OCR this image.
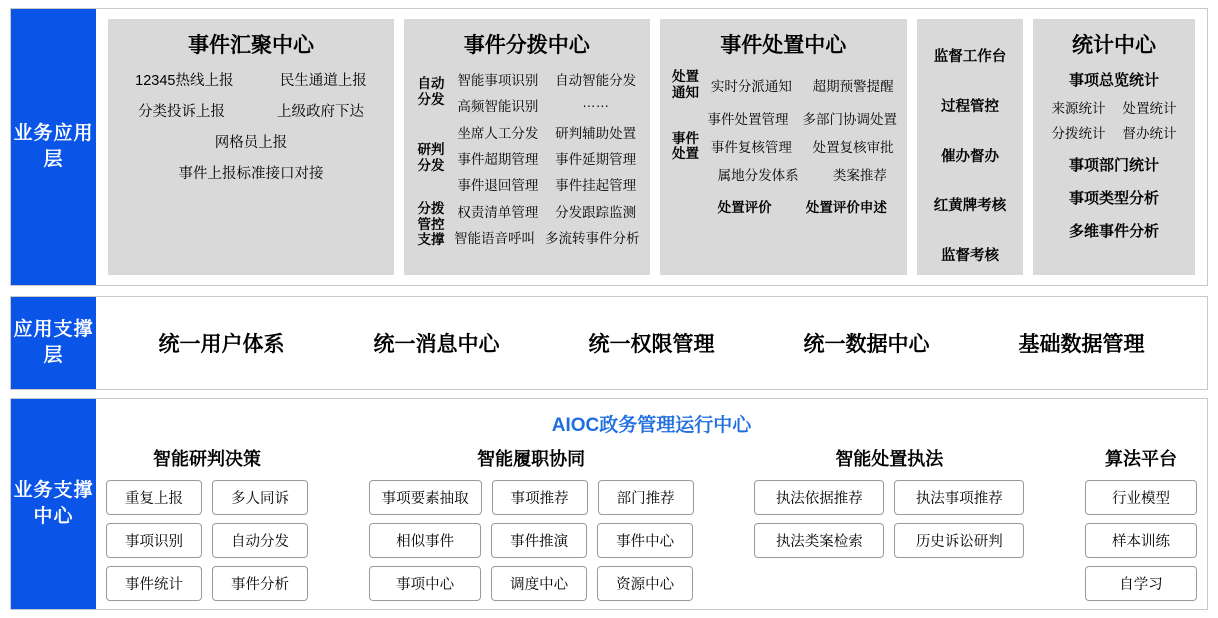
业务应用层
事件汇聚中心
12345热线上报	民生通道上报
分类投诉上报	上级政府下达
网格员上报
事件上报标准接口对接
事件分拨中心
自动分发
智能事项识别 自动智能分发
高频智能识别	……
研判分发
坐席人工分发 研判辅助处置
事件超期管理 事件延期管理
事件退回管理 事件挂起管理
分拨管控支撑
权责清单管理 分发跟踪监测
智能语音呼叫 多流转事件分析
事件处置中心
处置通知 实时分派通知 超期预警提醒
事件处置
事件处置管理 多部门协调处置
事件复核管理 处置复核审批
属地分发体系	类案推荐
处置评价	处置评价申述
监督工作台
过程管控
催办督办
红黄牌考核
监督考核
统计中心
事项总览统计
来源统计 处置统计
分拨统计 督办统计
事项部门统计
事项类型分析
多维事件分析
应用支撑层	统一用户体系	统一消息中心	统一权限管理	统一数据中心	基础数据管理
业务支撑中心
AIOC政务管理运行中心
智能研判决策
重复上报	多人同诉
事项识别	自动分发
事件统计	事件分析
智能履职协同
事项要素抽取	事项推荐	部门推荐
相似事件	事件推演	事件中心
事项中心	调度中心	资源中心
智能处置执法
执法依据推荐	执法事项推荐
执法类案检索	历史诉讼研判
算法平台
行业模型
样本训练
自学习
